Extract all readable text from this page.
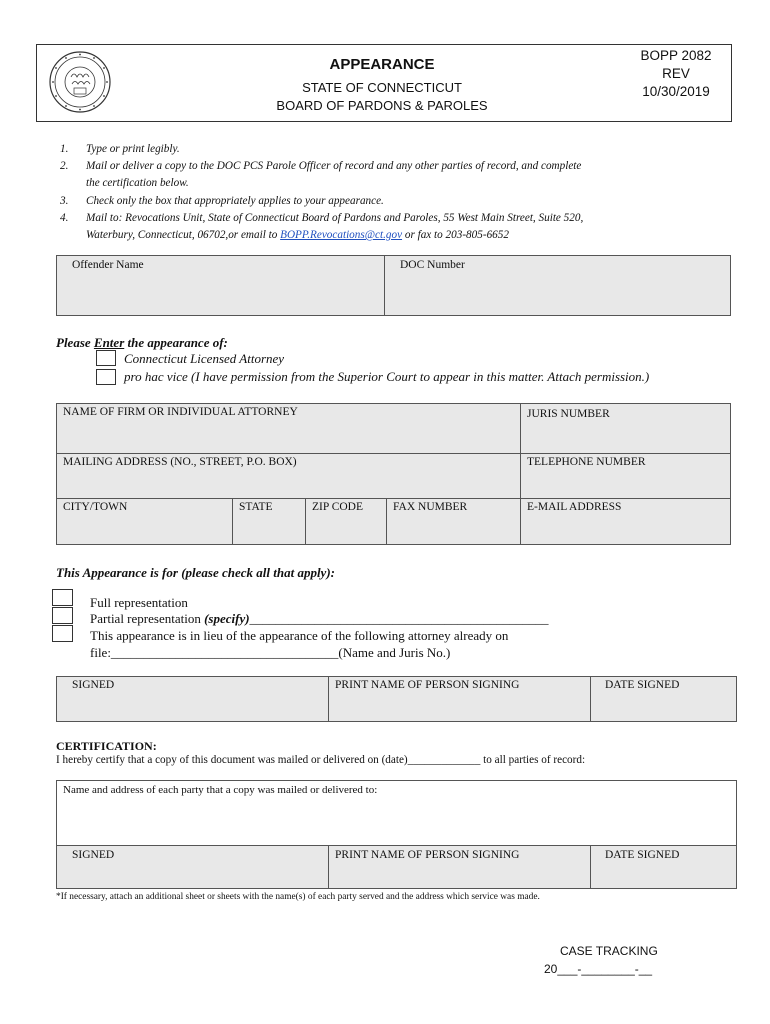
APPEARANCE
STATE OF CONNECTICUT
BOARD OF PARDONS & PAROLES
BOPP 2082
REV
10/30/2019
1.	Type or print legibly.
2.	Mail or deliver a copy to the DOC PCS Parole Officer of record and any other parties of record, and complete
the certification below.
3.	Check only the box that appropriately applies to your appearance.
4.	Mail to: Revocations Unit, State of Connecticut Board of Pardons and Paroles, 55 West Main Street, Suite 520,
Waterbury, Connecticut, 06702,or email to BOPP.Revocations@ct.gov or fax to 203-805-6652
Offender Name	DOC Number
Please Enter the appearance of:
Connecticut Licensed Attorney
pro hac vice (I have permission from the Superior Court to appear in this matter. Attach permission.)
NAME OF FIRM OR INDIVIDUAL ATTORNEY	JURIS NUMBER
MAILING ADDRESS (NO., STREET, P.O. BOX)	TELEPHONE NUMBER
CITY/TOWN	STATE	ZIP CODE	FAX NUMBER	E-MAIL ADDRESS
This Appearance is for (please check all that apply):
Full representation
Partial representation (specify)______________________________________________
This appearance is in lieu of the appearance of the following attorney already on
file:___________________________________(Name and Juris No.)
SIGNED	PRINT NAME OF PERSON SIGNING	DATE SIGNED
CERTIFICATION:
I hereby certify that a copy of this document was mailed or delivered on (date)_____________ to all parties of record:
Name and address of each party that a copy was mailed or delivered to:
SIGNED	PRINT NAME OF PERSON SIGNING	DATE SIGNED
*If necessary, attach an additional sheet or sheets with the name(s) of each party served and the address which service was made.
CASE TRACKING
20___-________-__
